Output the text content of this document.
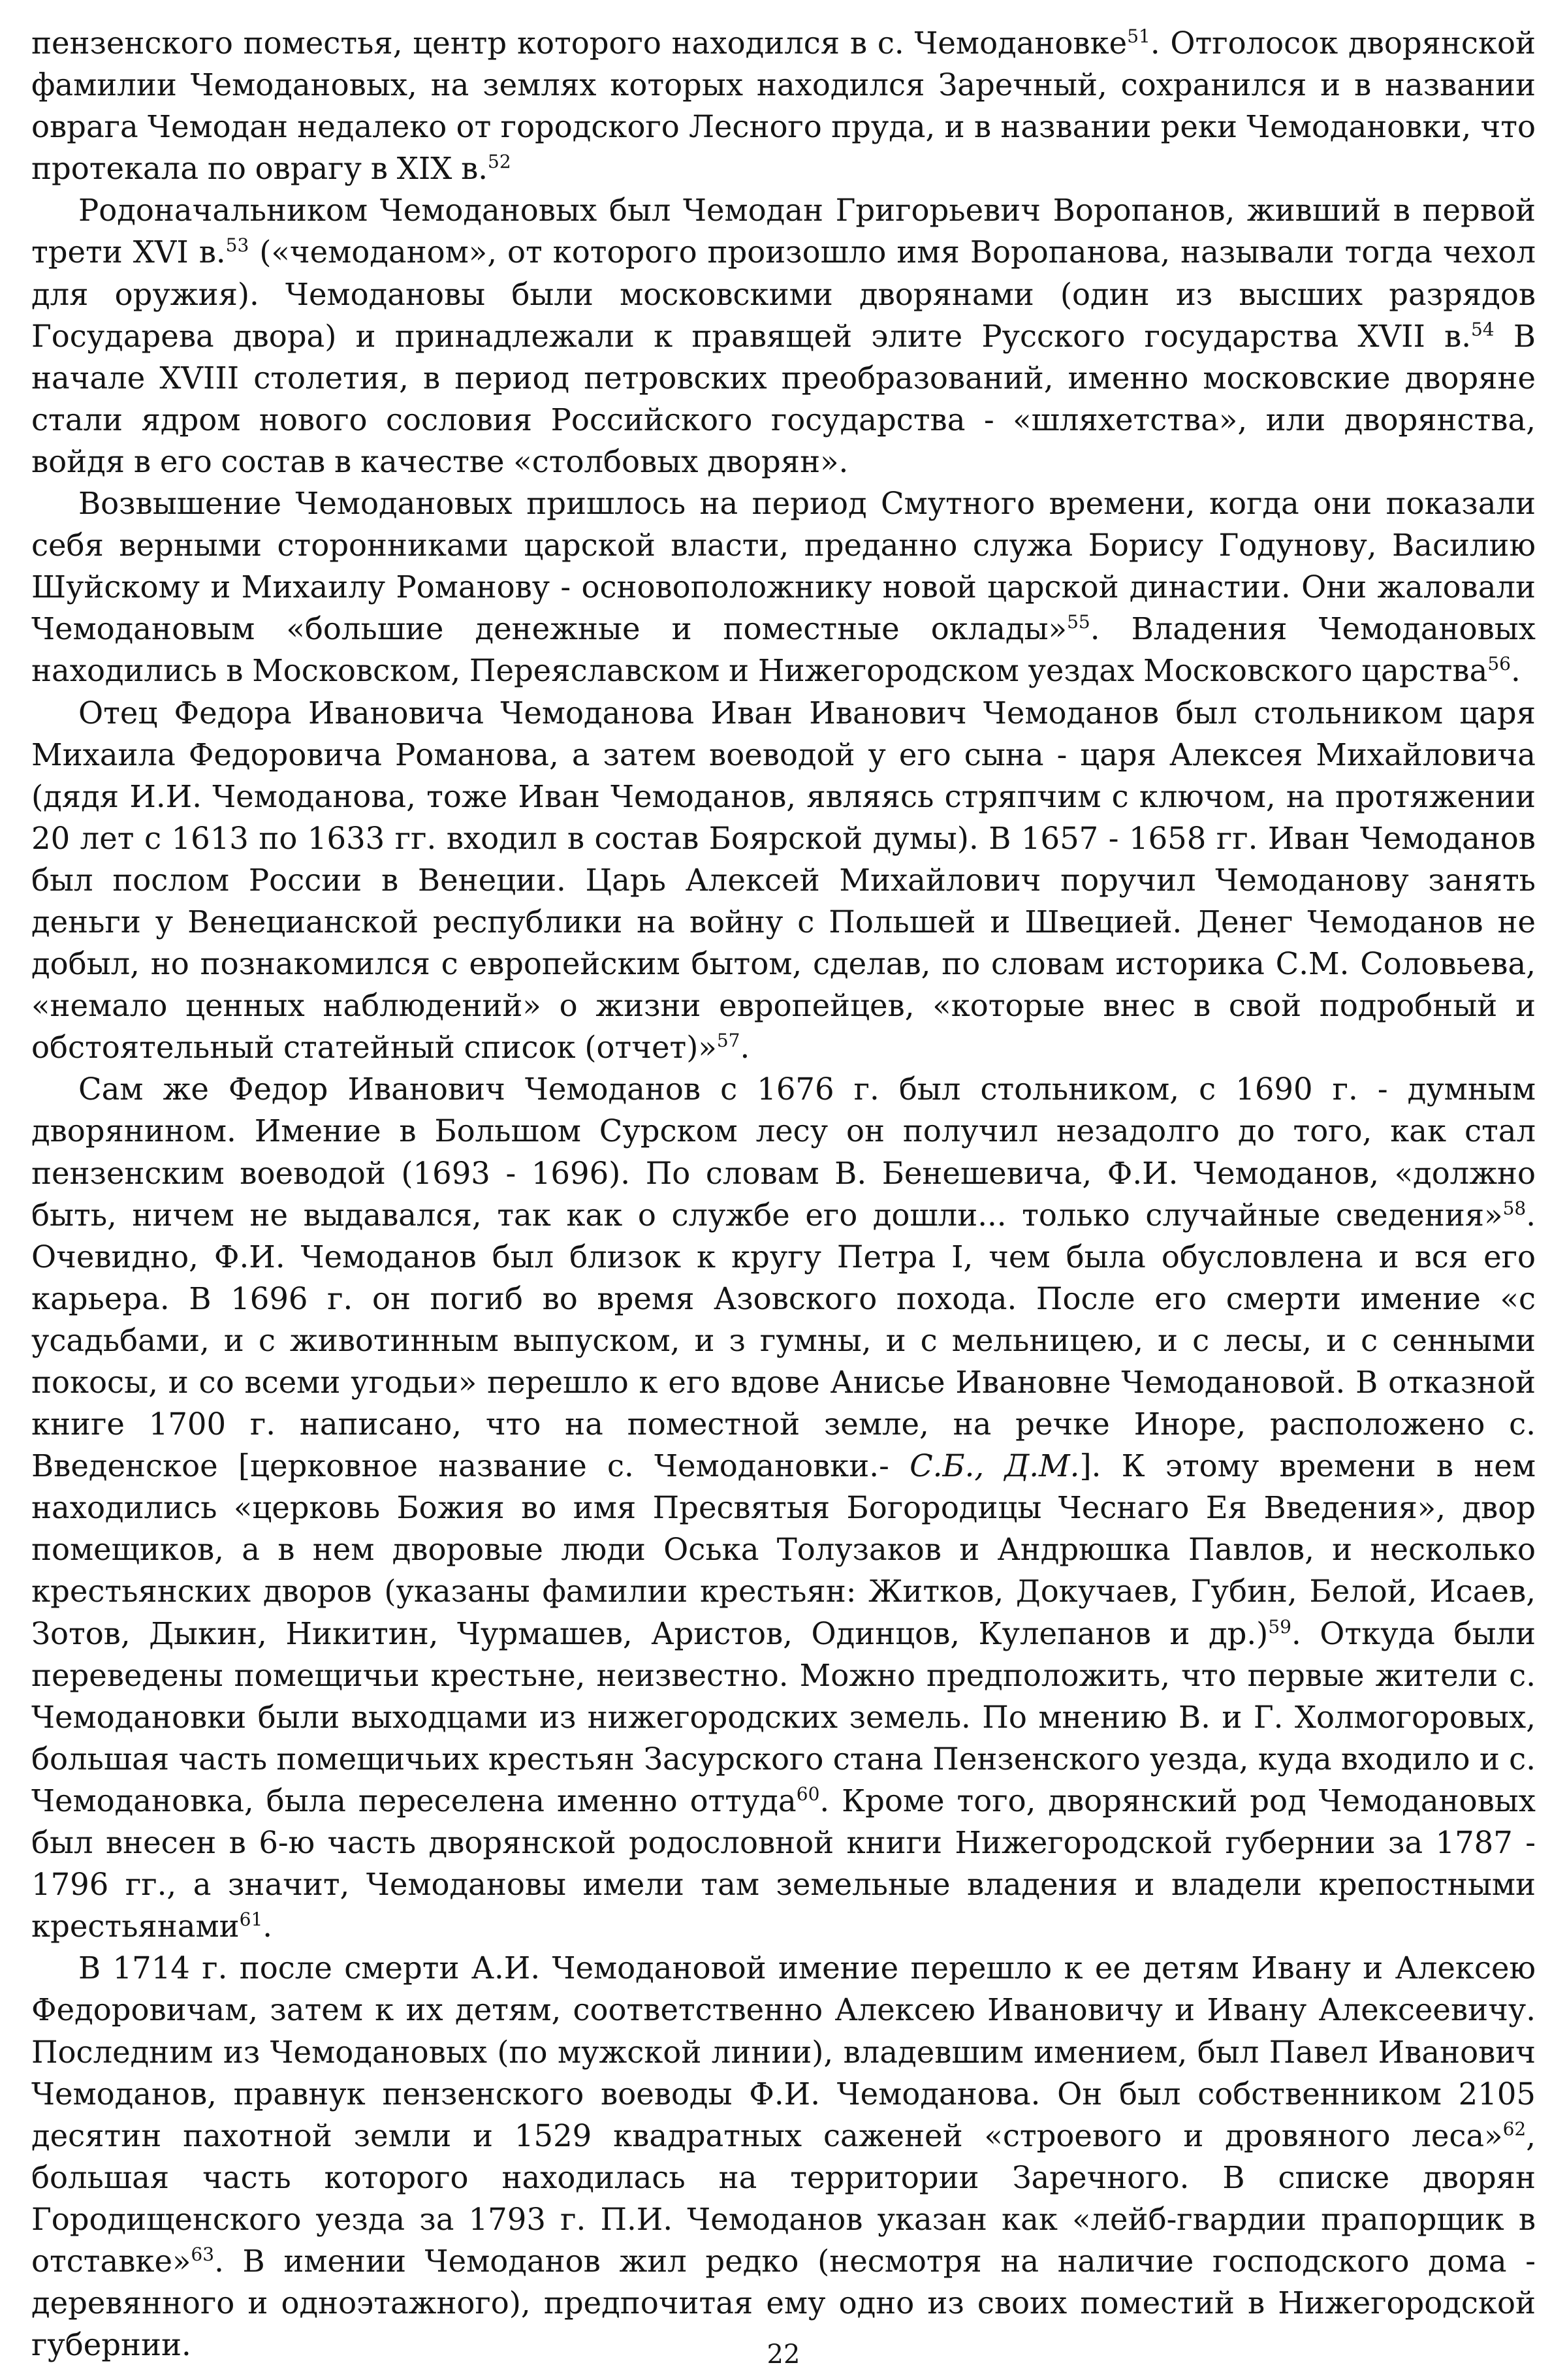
пензенского поместья, центр которого находился в с. Чемодановке$^{51}$. Отголосок дворянской фамилии Чемодановых, на землях которых находился Заречный, сохранился и в названии оврага Чемодан недалеко от городского Лесного пруда, и в названии реки Чемодановки, что протекала по оврагу в XIX в.$^{52}$

Родоначальником Чемодановых был Чемодан Григорьевич Воропанов, живший в первой трети XVI в.$^{53}$ («чемоданом», от которого произошло имя Воропанова, называли тогда чехол для оружия). Чемодановы были московскими дворянами (один из высших разрядов Государева двора) и принадлежали к правящей элите Русского государства XVII в.$^{54}$ В начале XVIII столетия, в период петровских преобразований, именно московские дворяне стали ядром нового сословия Российского государства - «шляхетства», или дворянства, войдя в его состав в качестве «столбовых дворян».

Возвышение Чемодановых пришлось на период Смутного времени, когда они показали себя верными сторонниками царской власти, преданно служа Борису Годунову, Василию Шуйскому и Михаилу Романову - основоположнику новой царской династии. Они жаловали Чемодановым «большие денежные и поместные оклады»$^{55}$. Владения Чемодановых находились в Московском, Переяславском и Нижегородском уездах Московского царства$^{56}$.

Отец Федора Ивановича Чемоданова Иван Иванович Чемоданов был стольником царя Михаила Федоровича Романова, а затем воеводой у его сына - царя Алексея Михайловича (дядя И.И. Чемоданова, тоже Иван Чемоданов, являясь стряпчим с ключом, на протяжении 20 лет с 1613 по 1633 гг. входил в состав Боярской думы). В 1657 - 1658 гг. Иван Чемоданов был послом России в Венеции. Царь Алексей Михайлович поручил Чемоданову занять деньги у Венецианской республики на войну с Польшей и Швецией. Денег Чемоданов не добыл, но познакомился с европейским бытом, сделав, по словам историка С.М. Соловьева, «немало ценных наблюдений» о жизни европейцев, «которые внес в свой подробный и обстоятельный статейный список (отчет)»$^{57}$.

Сам же Федор Иванович Чемоданов с 1676 г. был стольником, с 1690 г. - думным дворянином. Имение в Большом Сурском лесу он получил незадолго до того, как стал пензенским воеводой (1693 - 1696). По словам В. Бенешевича, Ф.И. Чемоданов, «должно быть, ничем не выдавался, так как о службе его дошли... только случайные сведения»$^{58}$. Очевидно, Ф.И. Чемоданов был близок к кругу Петра I, чем была обусловлена и вся его карьера. В 1696 г. он погиб во время Азовского похода. После его смерти имение «с усадьбами, и с животинным выпуском, и з гумны, и с мельницею, и с лесы, и с сенными покосы, и со всеми угодьи» перешло к его вдове Анисье Ивановне Чемодановой. В отказной книге 1700 г. написано, что на поместной земле, на речке Иноре, расположено с. Введенское [церковное название с. Чемодановки.- С.Б., Д.М.]. К этому времени в нем находились «церковь Божия во имя Пресвятыя Богородицы Чеснаго Ея Введения», двор помещиков, а в нем дворовые люди Оська Толузаков и Андрюшка Павлов, и несколько крестьянских дворов (указаны фамилии крестьян: Житков, Докучаев, Губин, Белой, Исаев, Зотов, Дыкин, Никитин, Чурмашев, Аристов, Одинцов, Кулепанов и др.)$^{59}$. Откуда были переведены помещичьи крестьне, неизвестно. Можно предположить, что первые жители с. Чемодановки были выходцами из нижегородских земель. По мнению В. и Г. Холмогоровых, большая часть помещичьих крестьян Засурского стана Пензенского уезда, куда входило и с. Чемодановка, была переселена именно оттуда$^{60}$. Кроме того, дворянский род Чемодановых был внесен в 6-ю часть дворянской родословной книги Нижегородской губернии за 1787 - 1796 гг., а значит, Чемодановы имели там земельные владения и владели крепостными крестьянами$^{61}$.

В 1714 г. после смерти А.И. Чемодановой имение перешло к ее детям Ивану и Алексею Федоровичам, затем к их детям, соответственно Алексею Ивановичу и Ивану Алексеевичу. Последним из Чемодановых (по мужской линии), владевшим имением, был Павел Иванович Чемоданов, правнук пензенского воеводы Ф.И. Чемоданова. Он был собственником 2105 десятин пахотной земли и 1529 квадратных саженей «строевого и дровяного леса»$^{62}$, большая часть которого находилась на территории Заречного. В списке дворян Городищенского уезда за 1793 г. П.И. Чемоданов указан как «лейб-гвардии прапорщик в отставке»$^{63}$. В имении Чемоданов жил редко (несмотря на наличие господского дома - деревянного и одноэтажного), предпочитая ему одно из своих поместий в Нижегородской губернии.	22
